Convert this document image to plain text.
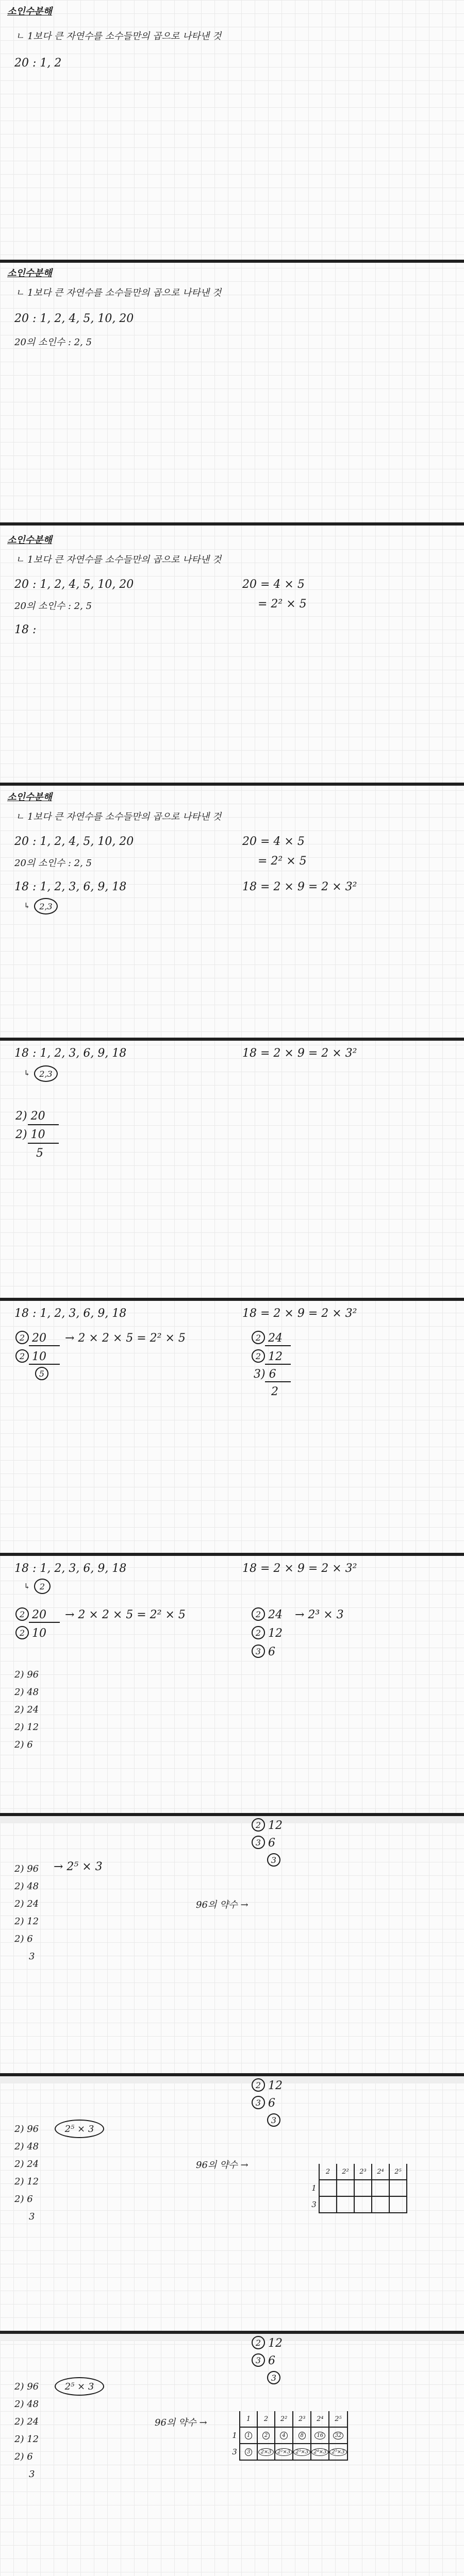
소인수분해
ㄴ 1보다 큰 자연수를 소수들만의 곱으로 나타낸 것
20 : 1, 2
소인수분해
ㄴ 1보다 큰 자연수를 소수들만의 곱으로 나타낸 것
20 : 1, 2, 4, 5, 10, 20
20의 소인수 : 2, 5
소인수분해
ㄴ 1보다 큰 자연수를 소수들만의 곱으로 나타낸 것
20 : 1, 2, 4, 5, 10, 20
20의 소인수 : 2, 5
18 :
20 = 4 × 5
= 2² × 5
소인수분해
ㄴ 1보다 큰 자연수를 소수들만의 곱으로 나타낸 것
20 : 1, 2, 4, 5, 10, 20
20의 소인수 : 2, 5
18 : 1, 2, 3, 6, 9, 18
↳	2,3
20 = 4 × 5
= 2² × 5
18 = 2 × 9 = 2 × 3²
18 : 1, 2, 3, 6, 9, 18
↳	2,3
18 = 2 × 9 = 2 × 3²
2) 20
2) 10
5
18 : 1, 2, 3, 6, 9, 18	18 = 2 × 9 = 2 × 3²
2 20 → 2 × 2 × 5 = 2² × 5
2 10
5
2 24
2 12
3) 6
2
18 : 1, 2, 3, 6, 9, 18
↳	2
18 = 2 × 9 = 2 × 3²
2 20 → 2 × 2 × 5 = 2² × 5
2 10
2 24 → 2³ × 3
2 12
3 6
2) 96
2) 48
2) 24
2) 12
2) 6
2 12
3 6
3
2) 96 → 2⁵ × 3
2) 48
2) 24
2) 12
2) 6
3
96의 약수 →
2 12
3 6
3
2) 96	2⁵ × 3
2) 48
2) 24
2) 12
2) 6
3
96의 약수 →
	2	2²	2³	2⁴	2⁵
1					
3					
2 12
3 6
3
2) 96	2⁵ × 3
2) 48
2) 24
2) 12
2) 6
3
96의 약수 →
		1	2	2²	2³	2⁴	2⁵
1	1	2	4	8	16	32
3	3	2×3	2²×3	2³×3	2⁴×3	2⁵×3
